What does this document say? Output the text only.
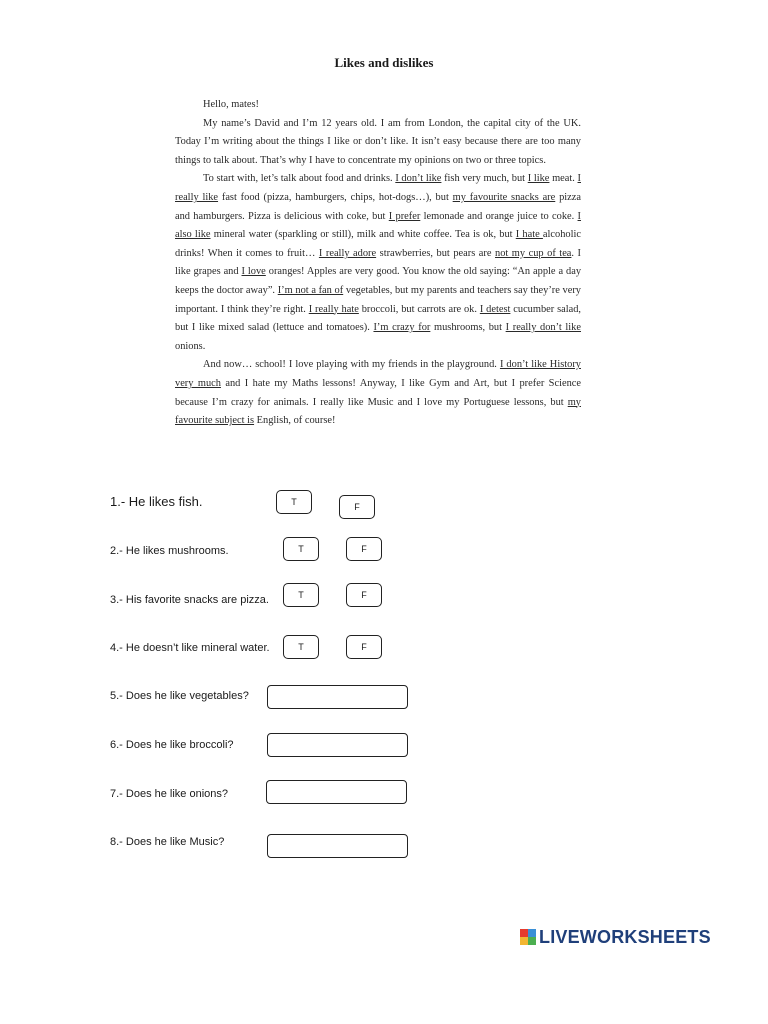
Likes and dislikes

Hello, mates!

My name’s David and I’m 12 years old. I am from London, the capital city of the UK. Today I’m writing about the things I like or don’t like. It isn’t easy because there are too many things to talk about. That’s why I have to concentrate my opinions on two or three topics.

To start with, let’s talk about food and drinks. I don’t like fish very much, but I like meat. I really like fast food (pizza, hamburgers, chips, hot-dogs…), but my favourite snacks are pizza and hamburgers. Pizza is delicious with coke, but I prefer lemonade and orange juice to coke. I also like mineral water (sparkling or still), milk and white coffee. Tea is ok, but I hate alcoholic drinks! When it comes to fruit… I really adore strawberries, but pears are not my cup of tea. I like grapes and I love oranges! Apples are very good. You know the old saying: “An apple a day keeps the doctor away”. I’m not a fan of vegetables, but my parents and teachers say they’re very important. I think they’re right. I really hate broccoli, but carrots are ok. I detest cucumber salad, but I like mixed salad (lettuce and tomatoes). I’m crazy for mushrooms, but I really don’t like onions.

And now… school! I love playing with my friends in the playground. I don’t like History very much and I hate my Maths lessons! Anyway, I like Gym and Art, but I prefer Science because I’m crazy for animals. I really like Music and I love my Portuguese lessons, but my favourite subject is English, of course!

1.- He likes fish.	T	F
2.- He likes mushrooms.	T	F
3.- His favorite snacks are pizza.	T	F
4.- He doesn’t like mineral water.	T	F
5.- Does he like vegetables?
6.- Does he like broccoli?
7.- Does he like onions?
8.- Does he like Music?
LIVEWORKSHEETS
